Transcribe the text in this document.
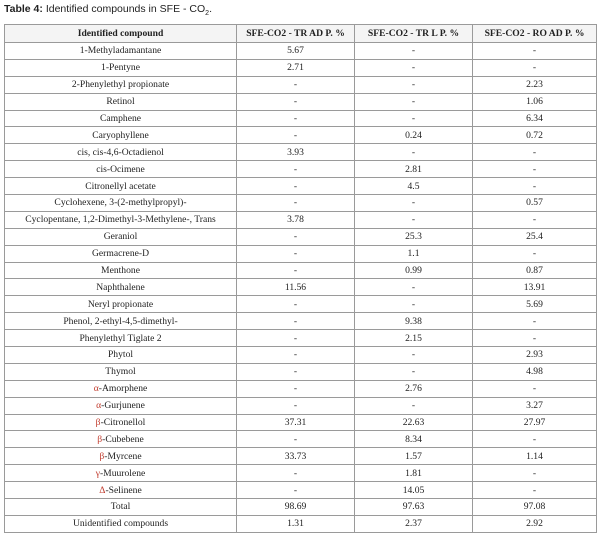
Table 4: Identified compounds in SFE - $CO_2$.
Identified compound	SFE-CO2 - TR AD P. %	SFE-CO2 - TR L P. %	SFE-CO2 - RO AD P. %
1-Methyladamantane	5.67	-	-
1-Pentyne	2.71	-	-
2-Phenylethyl propionate	-	-	2.23
Retinol	-	-	1.06
Camphene	-	-	6.34
Caryophyllene	-	0.24	0.72
cis, cis-4,6-Octadienol	3.93	-	-
cis-Ocimene	-	2.81	-
Citronellyl acetate	-	4.5	-
Cyclohexene, 3-(2-methylpropyl)-	-	-	0.57
Cyclopentane, 1,2-Dimethyl-3-Methylene-, Trans	3.78	-	-
Geraniol	-	25.3	25.4
Germacrene-D	-	1.1	-
Menthone	-	0.99	0.87
Naphthalene	11.56	-	13.91
Neryl propionate	-	-	5.69
Phenol, 2-ethyl-4,5-dimethyl-	-	9.38	-
Phenylethyl Tiglate 2	-	2.15	-
Phytol	-	-	2.93
Thymol	-	-	4.98
α-Amorphene	-	2.76	-
α-Gurjunene	-	-	3.27
β-Citronellol	37.31	22.63	27.97
β-Cubebene	-	8.34	-
β-Myrcene	33.73	1.57	1.14
γ-Muurolene	-	1.81	-
Δ-Selinene	-	14.05	-
Total	98.69	97.63	97.08
Unidentified compounds	1.31	2.37	2.92
